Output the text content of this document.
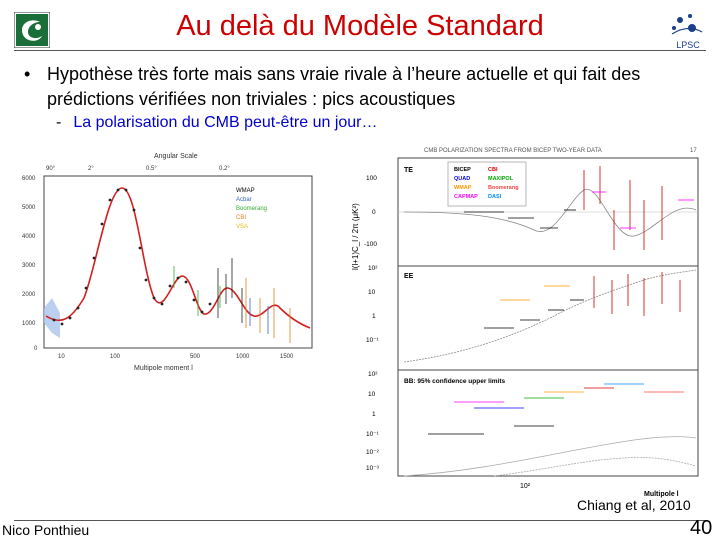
Au delà du Modèle Standard
LPSC
• Hypothèse très forte mais sans vraie rivale à l’heure actuelle et qui fait des prédictions vérifiées non triviales : pics acoustiques
- La polarisation du CMB peut-être un jour…
Angular Scale
90°	2°	0.5°	0.2°
6000
5000
4000
3000
2000
1000
0
10	100	500	1000	1500
Multipole moment l
WMAP
Acbar
Boomerang
CBI
VSA
CMB POLARIZATION SPECTRA FROM BICEP TWO-YEAR DATA	17
l(l+1)C_l / 2π (μK²)
TE
EE
BB: 95% confidence upper limits
100
0
-100
10²
10
1
10⁻¹
10²
10
1
10⁻¹
10⁻²
10⁻³
10²
Multipole l
BICEP
QUAD
WMAP
CAPMAP
CBI
MAXIPOL
Boomerang
DASI
Chiang et al, 2010
Nico Ponthieu	40
